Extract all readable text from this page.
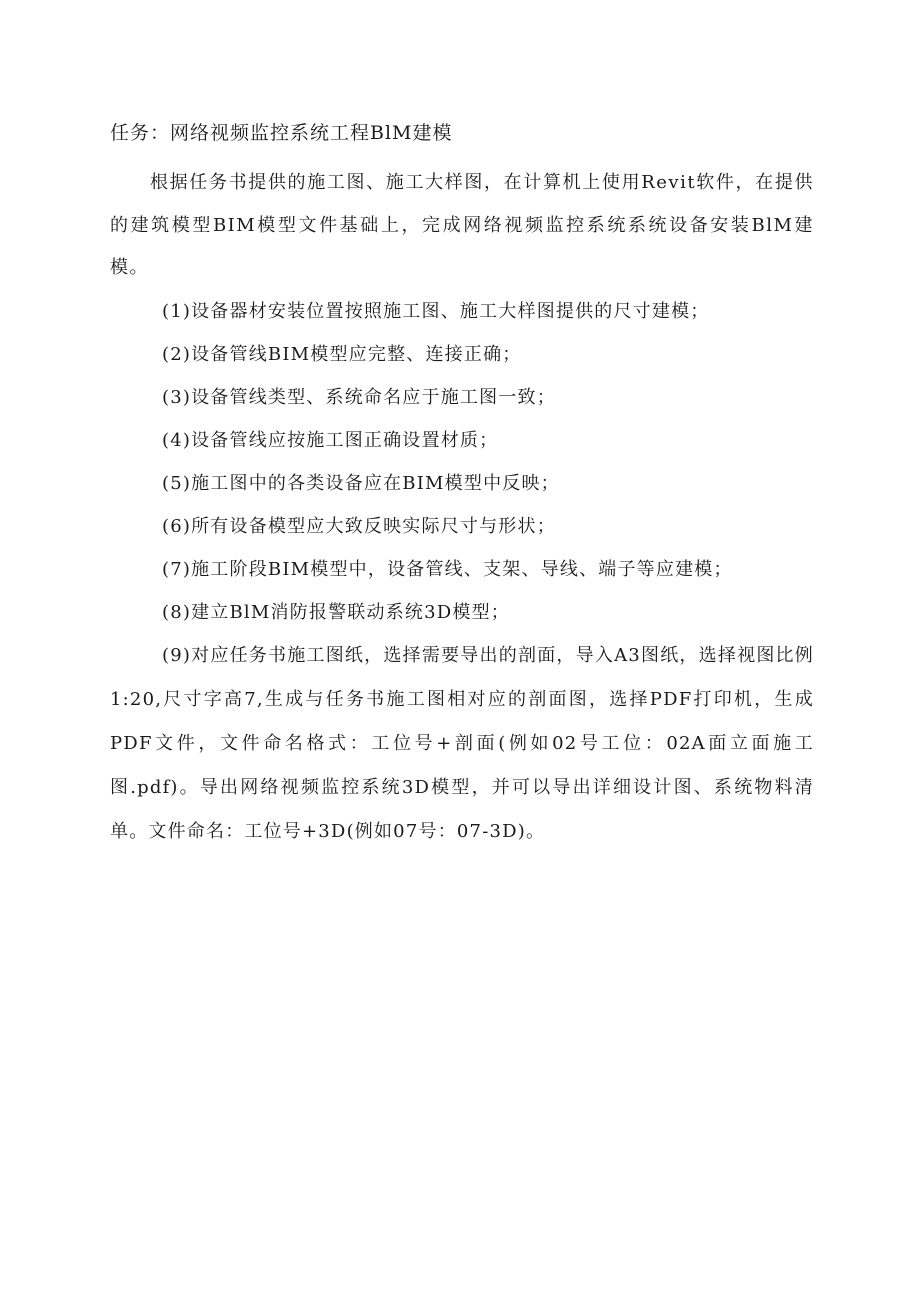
任务：网络视频监控系统工程BlM建模

根据任务书提供的施工图、施工大样图，在计算机上使用Revit软件，在提供的建筑模型BIM模型文件基础上，完成网络视频监控系统系统设备安装BlM建模。

(1)设备器材安装位置按照施工图、施工大样图提供的尺寸建模；

(2)设备管线BIM模型应完整、连接正确；

(3)设备管线类型、系统命名应于施工图一致；

(4)设备管线应按施工图正确设置材质；

(5)施工图中的各类设备应在BIM模型中反映；

(6)所有设备模型应大致反映实际尺寸与形状；

(7)施工阶段BIM模型中，设备管线、支架、导线、端子等应建模；

(8)建立BlM消防报警联动系统3D模型；

(9)对应任务书施工图纸，选择需要导出的剖面，导入A3图纸，选择视图比例1:20,尺寸字高7,生成与任务书施工图相对应的剖面图，选择PDF打印机，生成PDF文件，文件命名格式：工位号+剖面(例如02号工位：02A面立面施工图.pdf)。导出网络视频监控系统3D模型，并可以导出详细设计图、系统物料清单。文件命名：工位号+3D(例如07号：07-3D)。
